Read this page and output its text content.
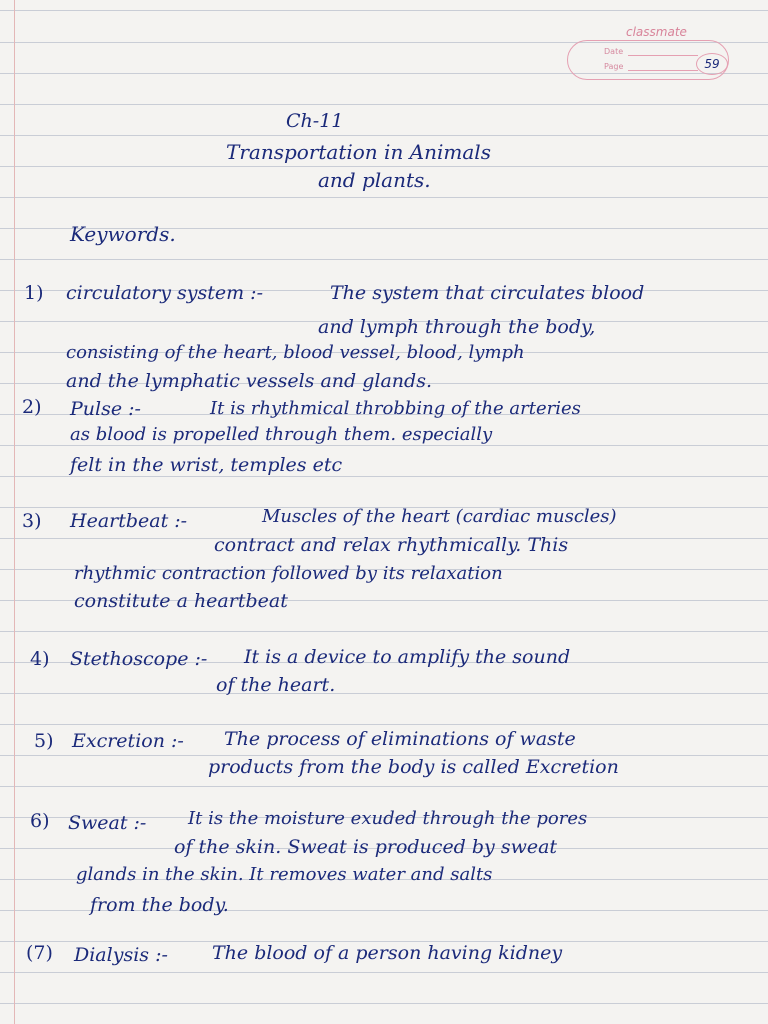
classmate
Date
Page	59
Ch-11
Transportation in Animals
and plants.
Keywords.
1) circulatory system :-	The system that circulates blood
and lymph through the body,
consisting of the heart, blood vessel, blood, lymph
and the lymphatic vessels and glands.
2) Pulse :-	It is rhythmical throbbing of the arteries
as blood is propelled through them. especially
felt in the wrist, temples etc
3) Heartbeat :-	Muscles of the heart (cardiac muscles)
contract and relax rhythmically. This
rhythmic contraction followed by its relaxation
constitute a heartbeat
4) Stethoscope :- It is a device to amplify the sound
of the heart.
5) Excretion :- The process of eliminations of waste
products from the body is called Excretion
6) Sweat :- It is the moisture exuded through the pores
of the skin. Sweat is produced by sweat
glands in the skin. It removes water and salts
from the body.
(7) Dialysis :- The blood of a person having kidney
